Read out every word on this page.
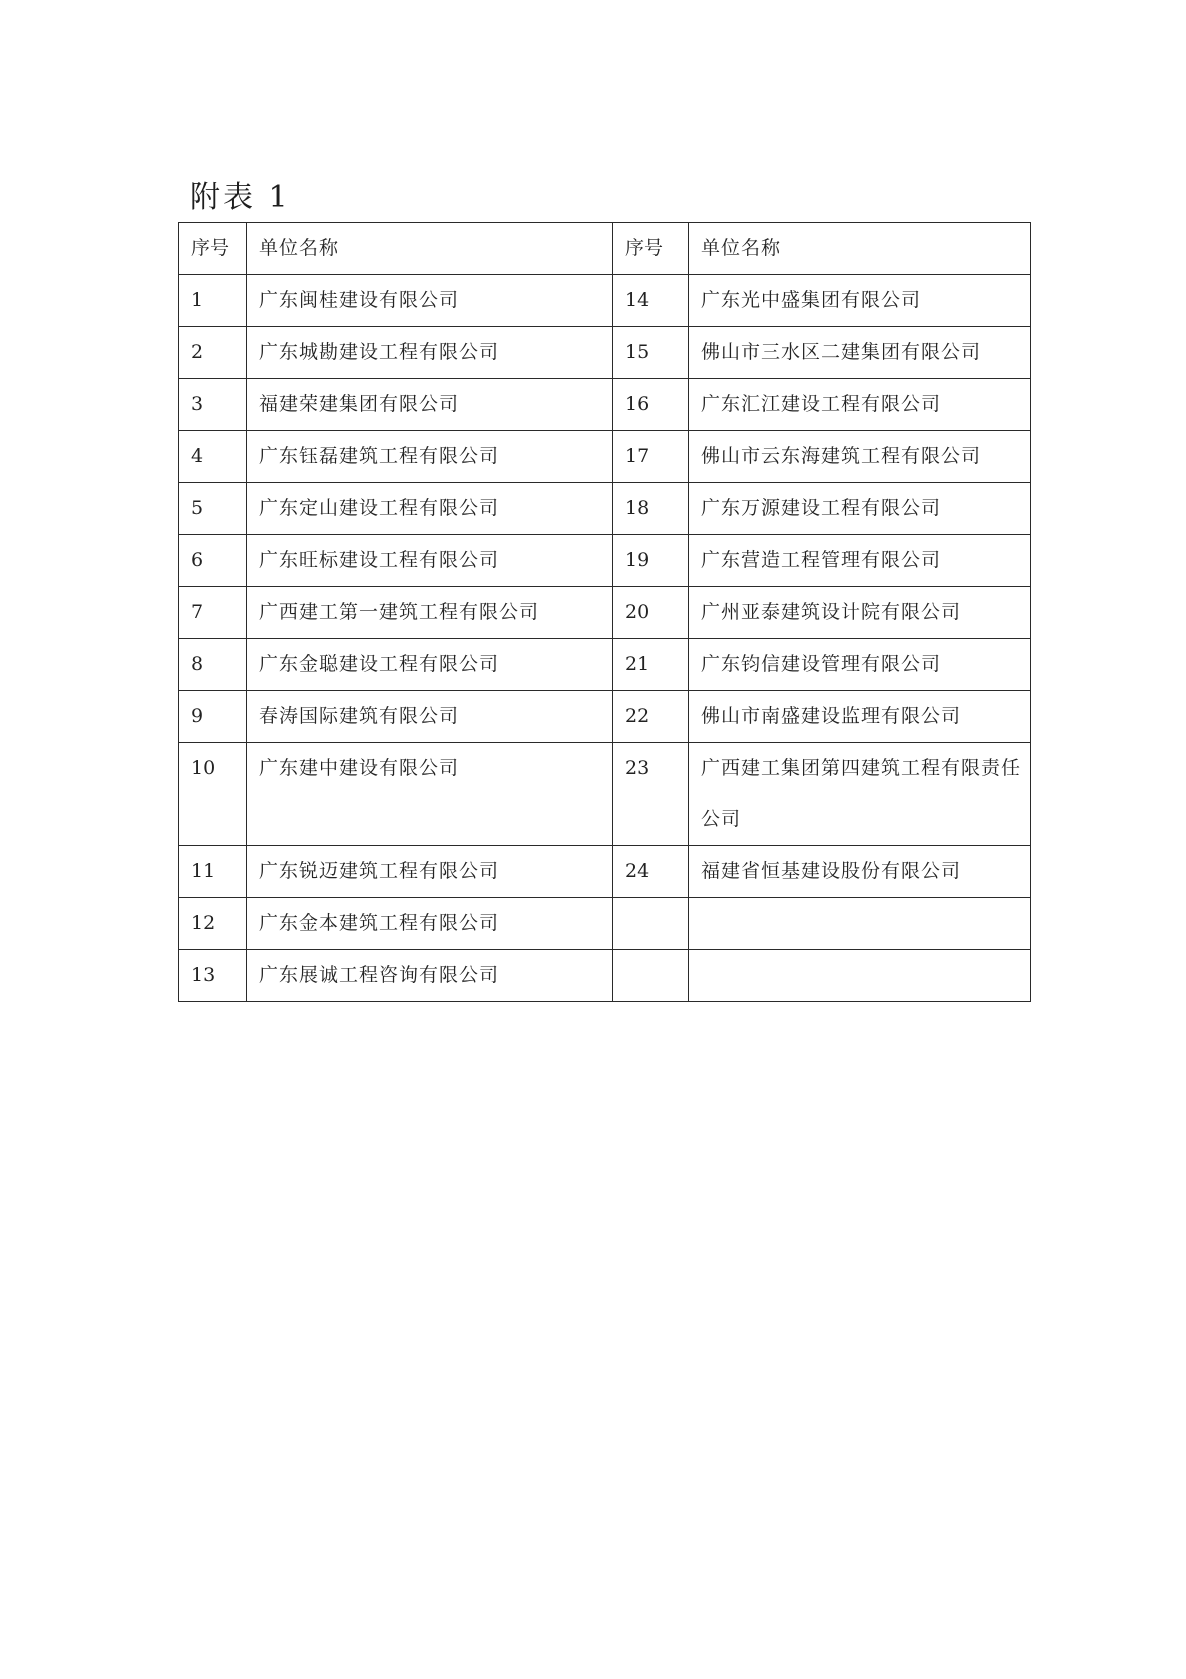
附表 1
序号	单位名称	序号	单位名称
1	广东闽桂建设有限公司	14	广东光中盛集团有限公司
2	广东城勘建设工程有限公司	15	佛山市三水区二建集团有限公司
3	福建荣建集团有限公司	16	广东汇江建设工程有限公司
4	广东钰磊建筑工程有限公司	17	佛山市云东海建筑工程有限公司
5	广东定山建设工程有限公司	18	广东万源建设工程有限公司
6	广东旺标建设工程有限公司	19	广东营造工程管理有限公司
7	广西建工第一建筑工程有限公司	20	广州亚泰建筑设计院有限公司
8	广东金聪建设工程有限公司	21	广东钧信建设管理有限公司
9	春涛国际建筑有限公司	22	佛山市南盛建设监理有限公司
10	广东建中建设有限公司	23	广西建工集团第四建筑工程有限责任公司
11	广东锐迈建筑工程有限公司	24	福建省恒基建设股份有限公司
12	广东金本建筑工程有限公司		
13	广东展诚工程咨询有限公司		
